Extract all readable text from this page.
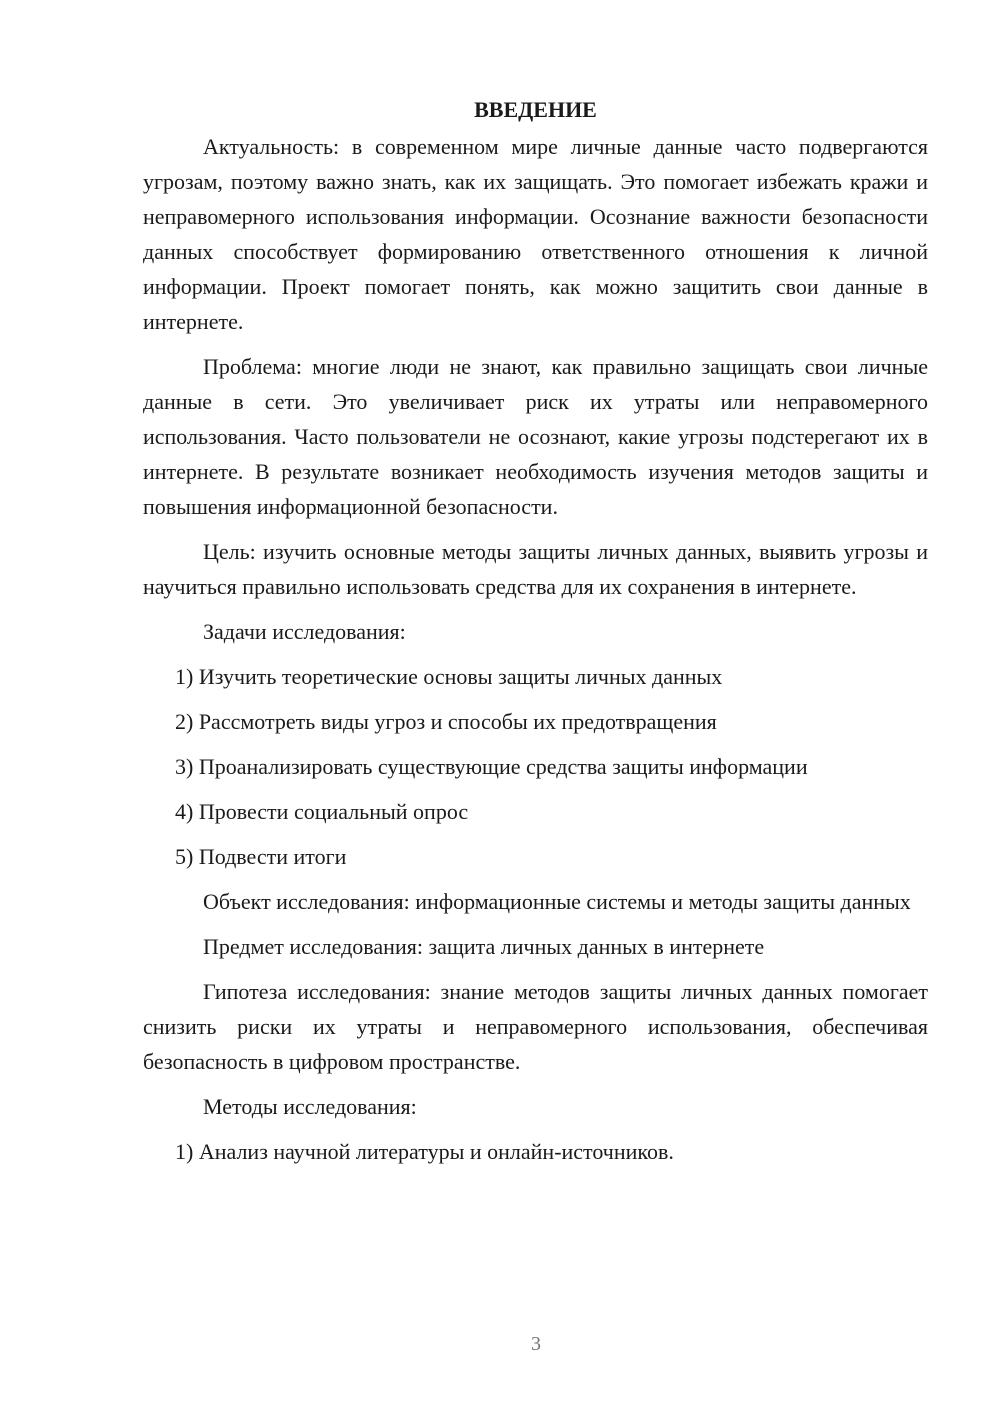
ВВЕДЕНИЕ

Актуальность: в современном мире личные данные часто подвергаются угрозам, поэтому важно знать, как их защищать. Это помогает избежать кражи и неправомерного использования информации. Осознание важности безопасности данных способствует формированию ответственного отношения к личной информации. Проект помогает понять, как можно защитить свои данные в интернете.

Проблема: многие люди не знают, как правильно защищать свои личные данные в сети. Это увеличивает риск их утраты или неправомерного использования. Часто пользователи не осознают, какие угрозы подстерегают их в интернете. В результате возникает необходимость изучения методов защиты и повышения информационной безопасности.

Цель: изучить основные методы защиты личных данных, выявить угрозы и научиться правильно использовать средства для их сохранения в интернете.

Задачи исследования:
1) Изучить теоретические основы защиты личных данных
2) Рассмотреть виды угроз и способы их предотвращения
3) Проанализировать существующие средства защиты информации
4) Провести социальный опрос
5) Подвести итоги

Объект исследования: информационные системы и методы защиты данных

Предмет исследования: защита личных данных в интернете

Гипотеза исследования: знание методов защиты личных данных помогает снизить риски их утраты и неправомерного использования, обеспечивая безопасность в цифровом пространстве.

Методы исследования:
1) Анализ научной литературы и онлайн-источников.
3
